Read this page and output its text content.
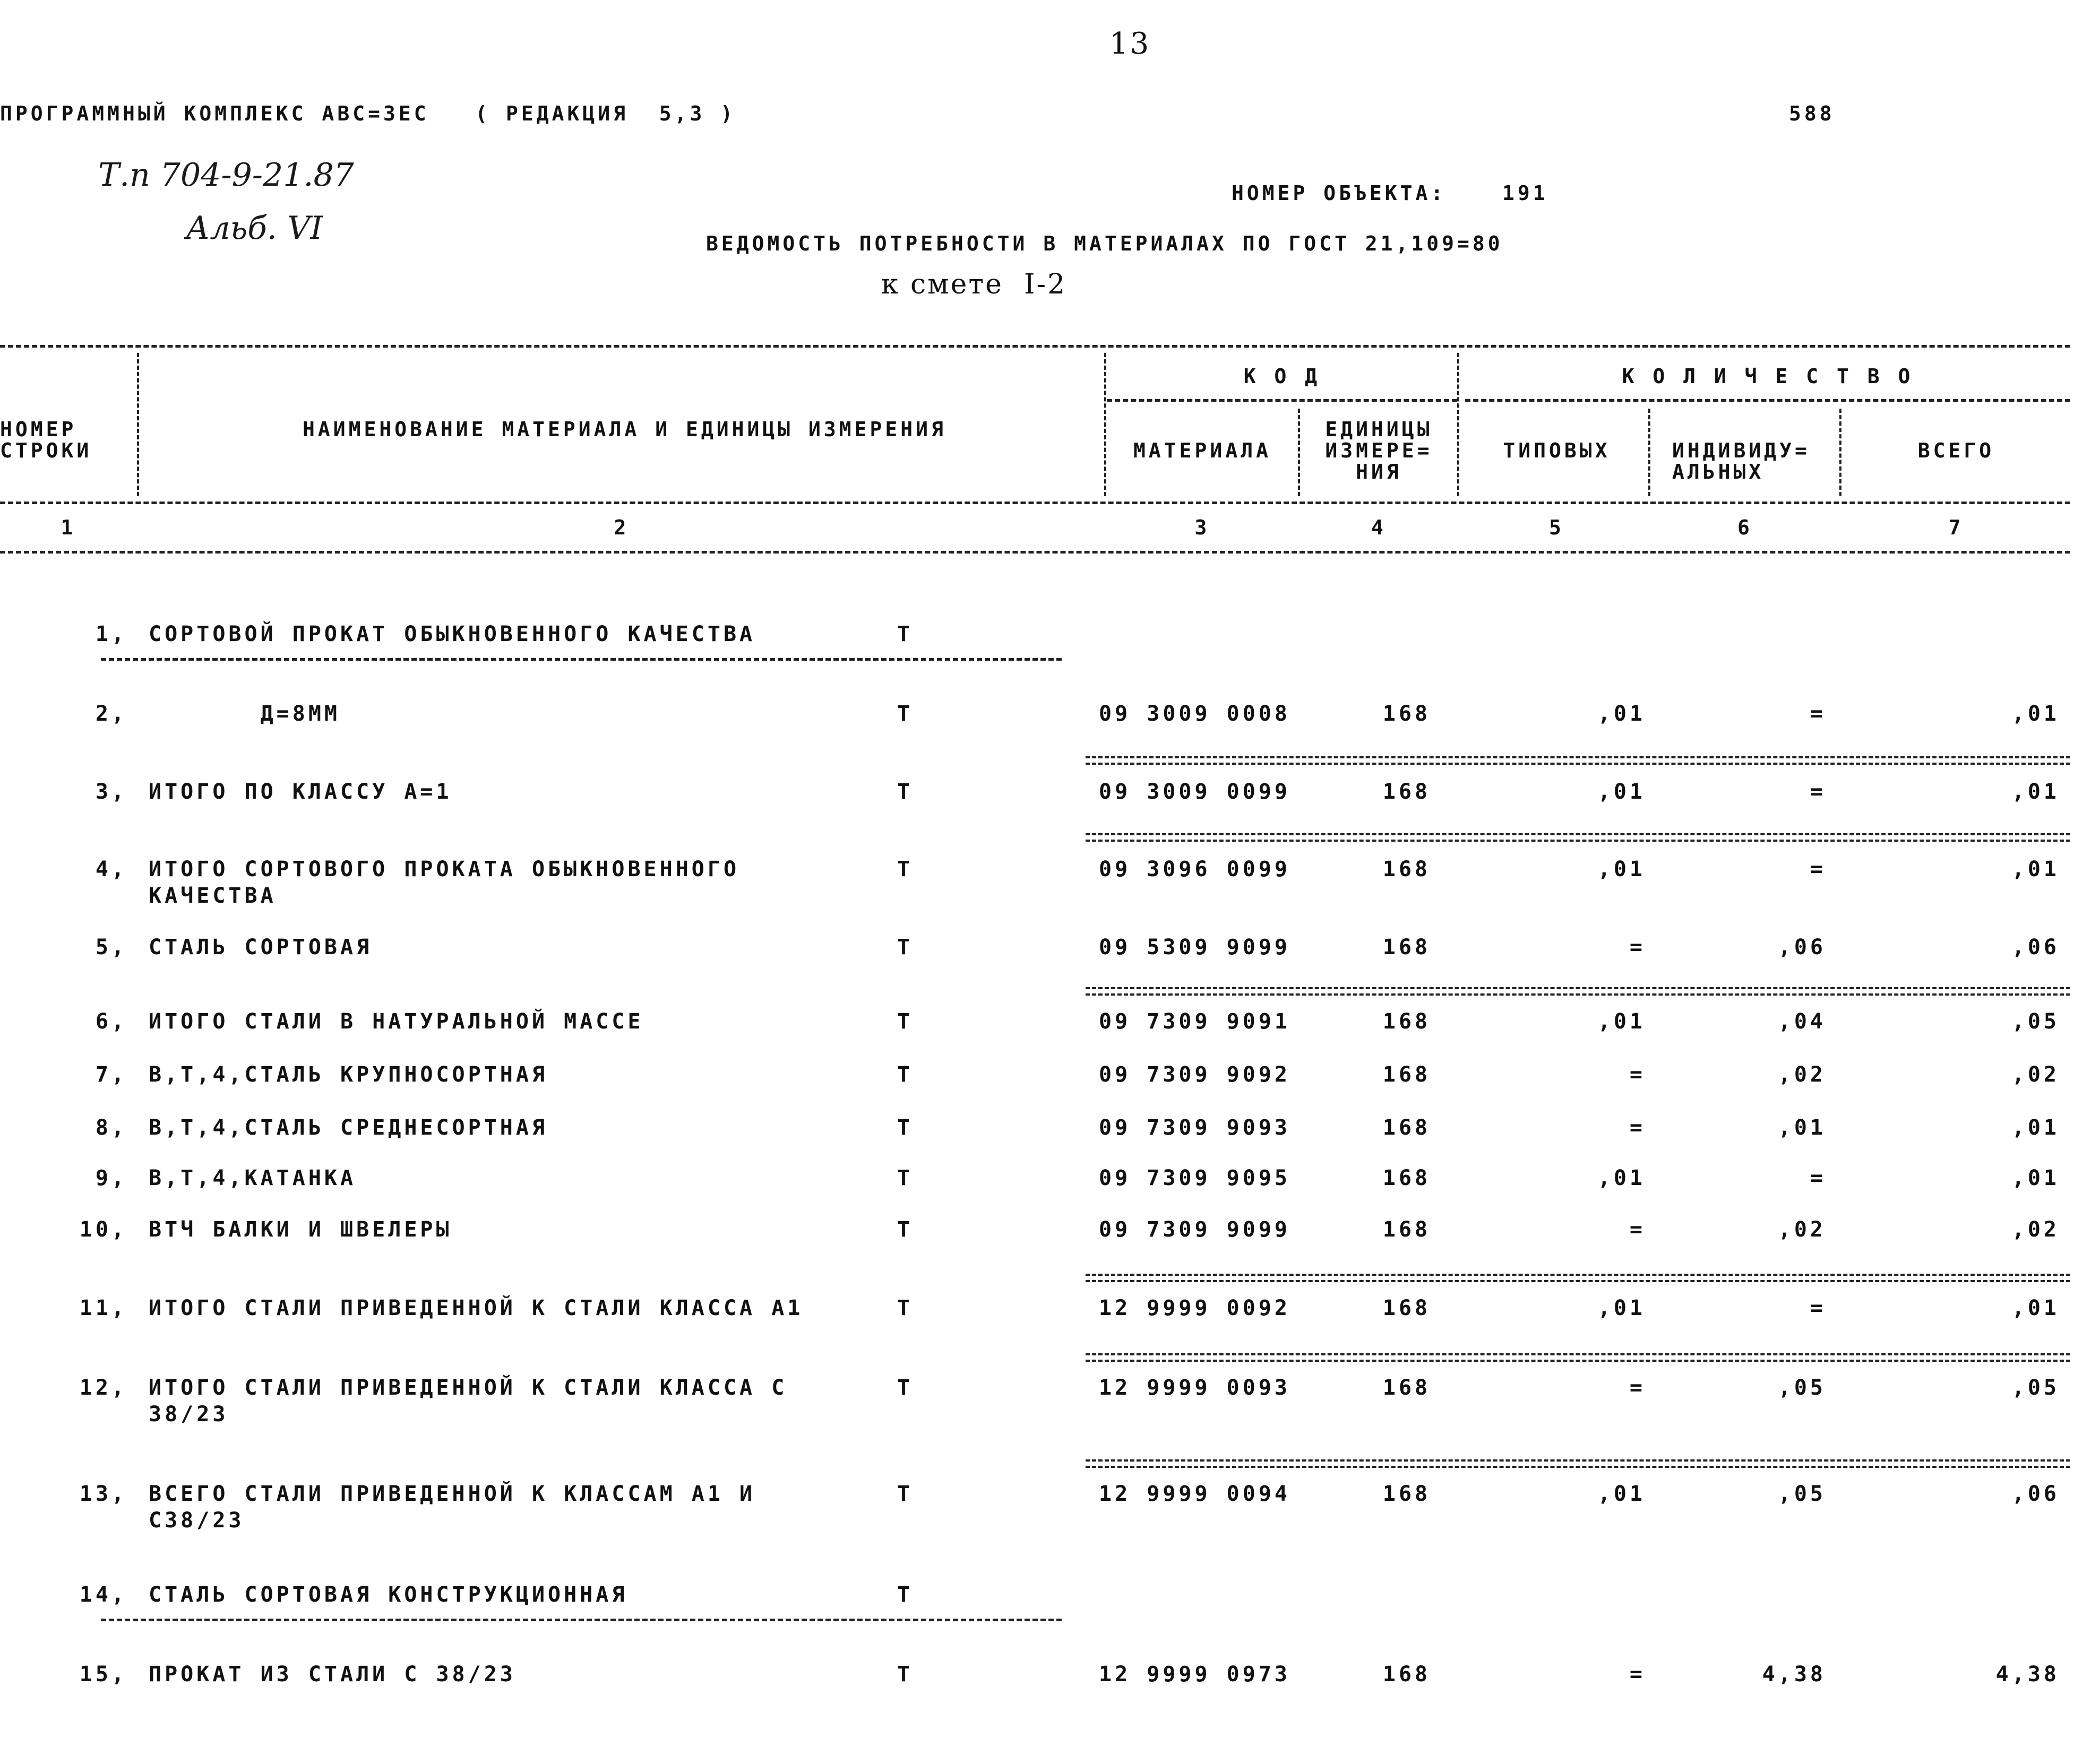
13
ПРОГРАММНЫЙ КОМПЛЕКС АВС=3ЕС   ( РЕДАКЦИЯ  5,3 )	588
Т.п 704-9-21.87
Альб. VI
НОМЕР ОБЪЕКТА:	191
ВЕДОМОСТЬ ПОТРЕБНОСТИ В МАТЕРИАЛАХ ПО ГОСТ 21,109=80
к смете  I-2
НОМЕР
СТРОКИ
НАИМЕНОВАНИЕ МАТЕРИАЛА И ЕДИНИЦЫ ИЗМЕРЕНИЯ
К О Д	К О Л И Ч Е С Т В О
МАТЕРИАЛА
ЕДИНИЦЫ
ИЗМЕРЕ=
НИЯ
ТИПОВЫХ	ИНДИВИДУ=
АЛЬНЫХ
ВСЕГО
1	2	3	4	5	6	7
1, СОРТОВОЙ ПРОКАТ ОБЫКНОВЕННОГО КАЧЕСТВА	Т
2, Д=8ММ	Т	09 3009 0008	168	,01	=	,01
3, ИТОГО ПО КЛАССУ А=1	Т	09 3009 0099	168	,01	=	,01
4, ИТОГО СОРТОВОГО ПРОКАТА ОБЫКНОВЕННОГО
КАЧЕСТВА
Т	09 3096 0099	168	,01	=	,01
5, СТАЛЬ СОРТОВАЯ	Т	09 5309 9099	168	=	,06	,06
6, ИТОГО СТАЛИ В НАТУРАЛЬНОЙ МАССЕ	Т	09 7309 9091	168	,01	,04	,05
7, В,Т,4,СТАЛЬ КРУПНОСОРТНАЯ	Т	09 7309 9092	168	=	,02	,02
8, В,Т,4,СТАЛЬ СРЕДНЕСОРТНАЯ	Т	09 7309 9093	168	=	,01	,01
9, В,Т,4,КАТАНКА	Т	09 7309 9095	168	,01	=	,01
10, ВТЧ БАЛКИ И ШВЕЛЕРЫ	Т	09 7309 9099	168	=	,02	,02
11, ИТОГО СТАЛИ ПРИВЕДЕННОЙ К СТАЛИ КЛАССА А1	Т	12 9999 0092	168	,01	=	,01
12, ИТОГО СТАЛИ ПРИВЕДЕННОЙ К СТАЛИ КЛАССА С
38/23
Т	12 9999 0093	168	=	,05	,05
13, ВСЕГО СТАЛИ ПРИВЕДЕННОЙ К КЛАССАМ А1 И
С38/23
Т	12 9999 0094	168	,01	,05	,06
14, СТАЛЬ СОРТОВАЯ КОНСТРУКЦИОННАЯ	Т
15, ПРОКАТ ИЗ СТАЛИ С 38/23	Т	12 9999 0973	168	=	4,38	4,38
